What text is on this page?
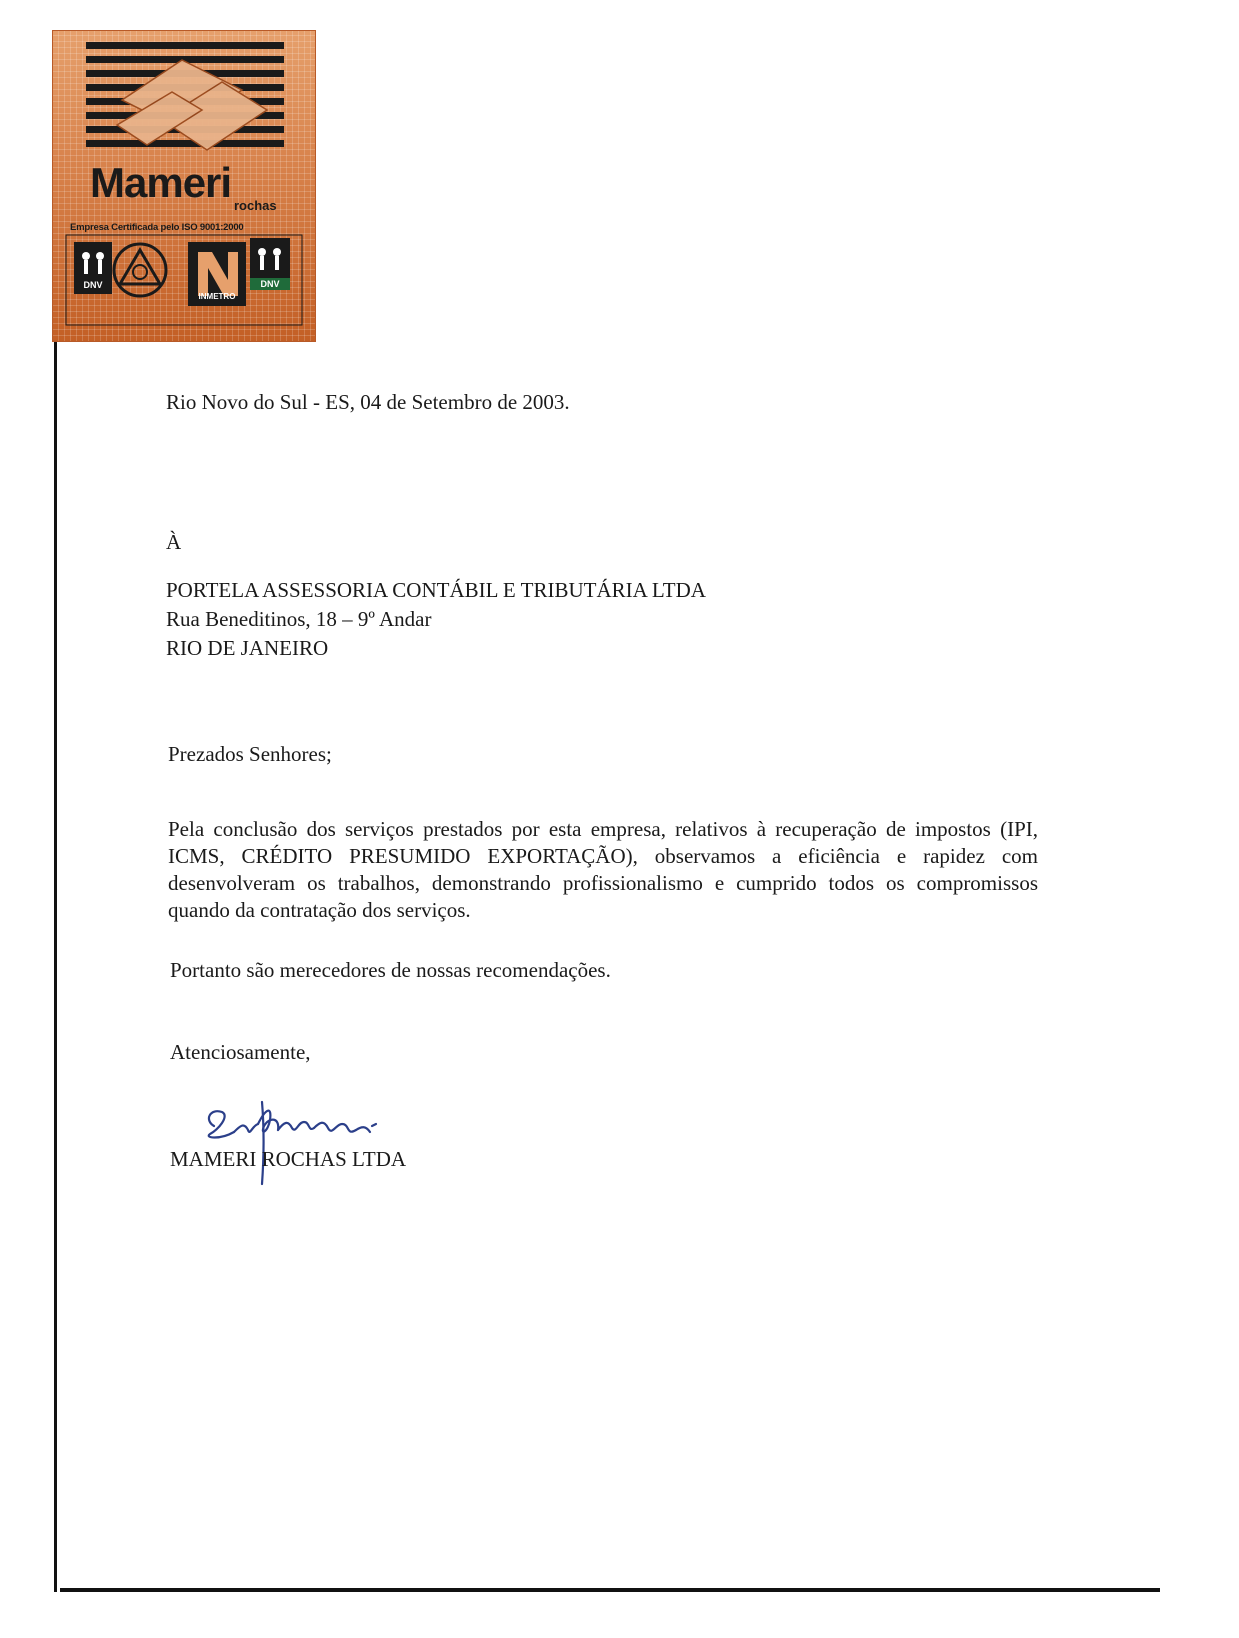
Mameri rochas
Empresa Certificada pelo ISO 9001:2000
DNV
INMETRO
DNV
Rio Novo do Sul - ES, 04 de Setembro de 2003.
À
PORTELA ASSESSORIA CONTÁBIL E TRIBUTÁRIA LTDA
Rua Beneditinos, 18 – 9º Andar
RIO DE JANEIRO
Prezados Senhores;
Pela conclusão dos serviços prestados por esta empresa, relativos à recuperação de impostos (IPI, ICMS, CRÉDITO PRESUMIDO EXPORTAÇÃO), observamos a eficiência e rapidez com desenvolveram os trabalhos, demonstrando profissionalismo e cumprido todos os compromissos quando da contratação dos serviços.
Portanto são merecedores de nossas recomendações.
Atenciosamente,
MAMERI ROCHAS LTDA
